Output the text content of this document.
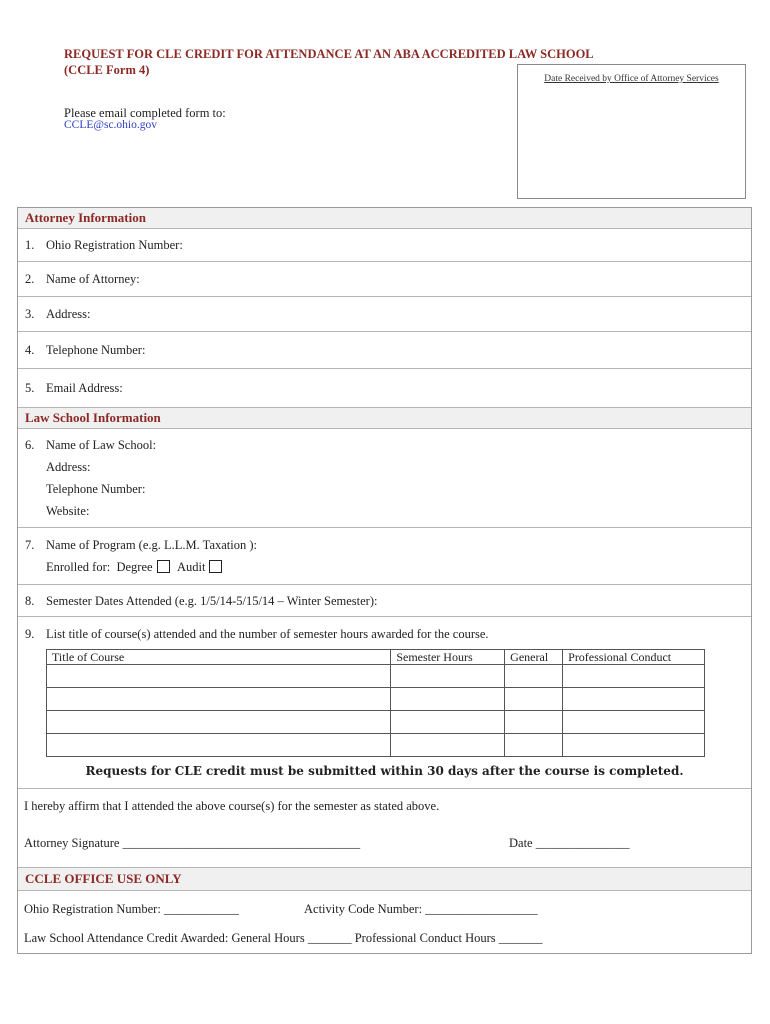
REQUEST FOR CLE CREDIT FOR ATTENDANCE AT AN ABA ACCREDITED LAW SCHOOL
(CCLE Form 4)
Please email completed form to:
CCLE@sc.ohio.gov
Date Received by Office of Attorney Services
Attorney Information
1. Ohio Registration Number:
2. Name of Attorney:
3. Address:
4. Telephone Number:
5. Email Address:
Law School Information
6. Name of Law School:
Address:
Telephone Number:
Website:
7. Name of Program (e.g. L.L.M. Taxation ):
Enrolled for: Degree Audit
8. Semester Dates Attended (e.g. 1/5/14-5/15/14 – Winter Semester):
9. List title of course(s) attended and the number of semester hours awarded for the course.
Title of Course	Semester Hours	General	Professional Conduct

Requests for CLE credit must be submitted within 30 days after the course is completed.
I hereby affirm that I attended the above course(s) for the semester as stated above.
Attorney Signature ______________________________________	Date _______________
CCLE OFFICE USE ONLY
Ohio Registration Number: ____________	Activity Code Number: __________________
Law School Attendance Credit Awarded: General Hours _______ Professional Conduct Hours _______
